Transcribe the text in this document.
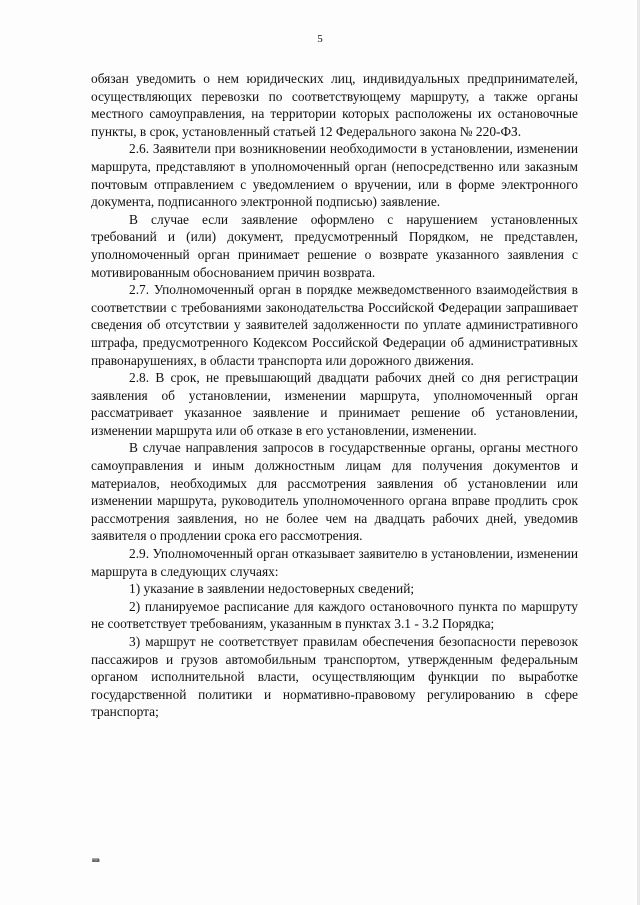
5

обязан уведомить о нем юридических лиц, индивидуальных предпринимателей, осуществляющих перевозки по соответствующему маршруту, а также органы местного самоуправления, на территории которых расположены их остановочные пункты, в срок, установленный статьей 12 Федерального закона № 220-ФЗ.

2.6. Заявители при возникновении необходимости в установлении, изменении маршрута, представляют в уполномоченный орган (непосредственно или заказным почтовым отправлением с уведомлением о вручении, или в форме электронного документа, подписанного электронной подписью) заявление.

В случае если заявление оформлено с нарушением установленных требований и (или) документ, предусмотренный Порядком, не представлен, уполномоченный орган принимает решение о возврате указанного заявления с мотивированным обоснованием причин возврата.

2.7. Уполномоченный орган в порядке межведомственного взаимодействия в соответствии с требованиями законодательства Российской Федерации запрашивает сведения об отсутствии у заявителей задолженности по уплате административного штрафа, предусмотренного Кодексом Российской Федерации об административных правонарушениях, в области транспорта или дорожного движения.

2.8. В срок, не превышающий двадцати рабочих дней со дня регистрации заявления об установлении, изменении маршрута, уполномоченный орган рассматривает указанное заявление и принимает решение об установлении, изменении маршрута или об отказе в его установлении, изменении.

В случае направления запросов в государственные органы, органы местного самоуправления и иным должностным лицам для получения документов и материалов, необходимых для рассмотрения заявления об установлении или изменении маршрута, руководитель уполномоченного органа вправе продлить срок рассмотрения заявления, но не более чем на двадцать рабочих дней, уведомив заявителя о продлении срока его рассмотрения.

2.9. Уполномоченный орган отказывает заявителю в установлении, изменении маршрута в следующих случаях:

1) указание в заявлении недостоверных сведений;

2) планируемое расписание для каждого остановочного пункта по маршруту не соответствует требованиям, указанным в пунктах 3.1 - 3.2 Порядка;

3) маршрут не соответствует правилам обеспечения безопасности перевозок пассажиров и грузов автомобильным транспортом, утвержденным федеральным органом исполнительной власти, осуществляющим функции по выработке государственной политики и нормативно-правовому регулированию в сфере транспорта;

нв
